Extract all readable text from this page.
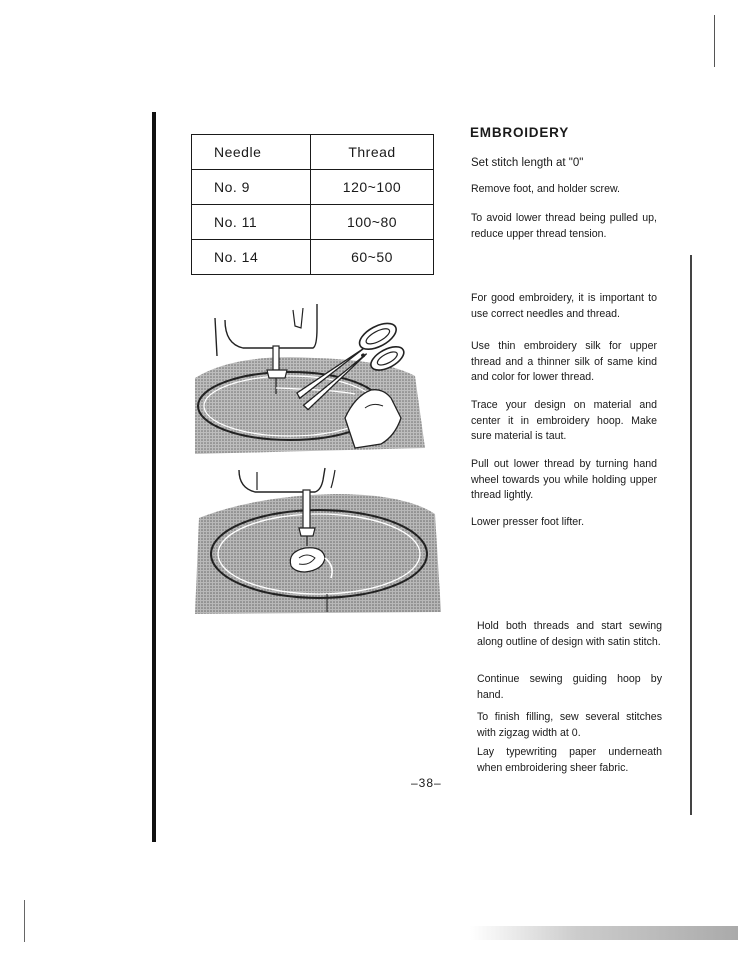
Needle	Thread
No. 9	120~100
No. 11	100~80
No. 14	60~50
EMBROIDERY

Set stitch length at "0"

Remove foot, and holder screw.

To avoid lower thread being pulled up, reduce upper thread tension.

For good embroidery, it is important to use correct needles and thread.

Use thin embroidery silk for upper thread and a thinner silk of same kind and color for lower thread.

Trace your design on material and center it in embroidery hoop. Make sure material is taut.

Pull out lower thread by turning hand wheel towards you while holding upper thread lightly.

Lower presser foot lifter.

Hold both threads and start sewing along outline of design with satin stitch.

Continue sewing guiding hoop by hand.

To finish filling, sew several stitches with zigzag width at 0.

Lay typewriting paper underneath when embroidering sheer fabric.

–38–
